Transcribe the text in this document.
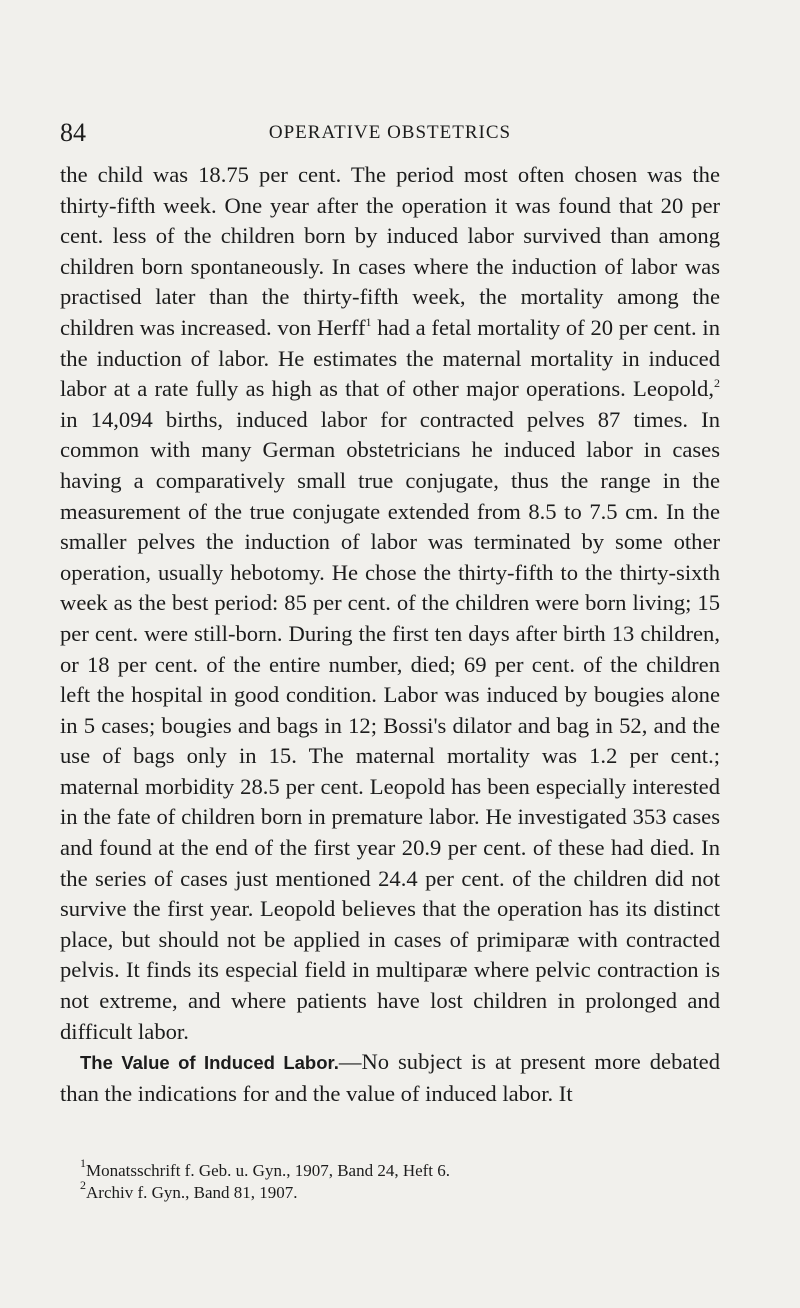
84	OPERATIVE OBSTETRICS

the child was 18.75 per cent. The period most often chosen was the thirty-fifth week. One year after the operation it was found that 20 per cent. less of the children born by induced labor survived than among children born spontaneously. In cases where the induction of labor was practised later than the thirty-fifth week, the mortality among the children was increased. von Herff$^1$ had a fetal mortality of 20 per cent. in the induction of labor. He estimates the maternal mortality in induced labor at a rate fully as high as that of other major operations. Leopold,$^2$ in 14,094 births, induced labor for contracted pelves 87 times. In common with many German obstetricians he induced labor in cases having a comparatively small true conjugate, thus the range in the measurement of the true conjugate extended from 8.5 to 7.5 cm. In the smaller pelves the induction of labor was terminated by some other operation, usually hebotomy. He chose the thirty-fifth to the thirty-sixth week as the best period: 85 per cent. of the children were born living; 15 per cent. were still-born. During the first ten days after birth 13 children, or 18 per cent. of the entire number, died; 69 per cent. of the children left the hospital in good condition. Labor was induced by bougies alone in 5 cases; bougies and bags in 12; Bossi's dilator and bag in 52, and the use of bags only in 15. The maternal mortality was 1.2 per cent.; maternal morbidity 28.5 per cent. Leopold has been especially interested in the fate of children born in premature labor. He investigated 353 cases and found at the end of the first year 20.9 per cent. of these had died. In the series of cases just mentioned 24.4 per cent. of the children did not survive the first year. Leopold believes that the operation has its distinct place, but should not be applied in cases of primiparæ with contracted pelvis. It finds its especial field in multiparæ where pelvic contraction is not extreme, and where patients have lost children in prolonged and difficult labor.

The Value of Induced Labor.—No subject is at present more debated than the indications for and the value of induced labor. It

$^1$Monatsschrift f. Geb. u. Gyn., 1907, Band 24, Heft 6.
$^2$Archiv f. Gyn., Band 81, 1907.
